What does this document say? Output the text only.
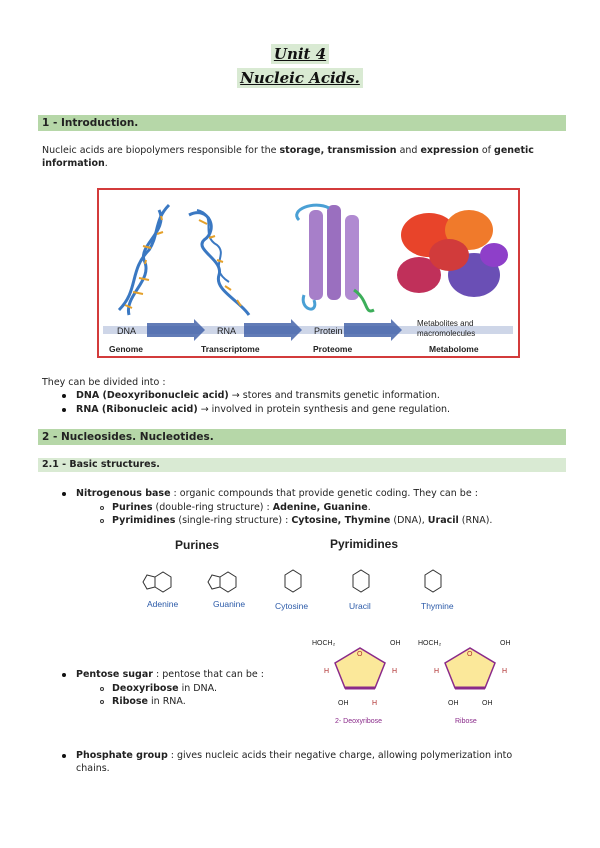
Unit 4
Nucleic Acids.
1 - Introduction.
Nucleic acids are biopolymers responsible for the storage, transmission and expression of genetic information.
DNA	RNA	Protein
Metabolites and
macromolecules
Genome	Transcriptome	Proteome	Metabolome
They can be divided into :
DNA (Deoxyribonucleic acid) → stores and transmits genetic information.
RNA (Ribonucleic acid) → involved in protein synthesis and gene regulation.
2 - Nucleosides. Nucleotides.
2.1 - Basic structures.
Nitrogenous base : organic compounds that provide genetic coding. They can be :
Purines (double-ring structure) : Adenine, Guanine.
Pyrimidines (single-ring structure) : Cytosine, Thymine (DNA), Uracil (RNA).
Purines	Pyrimidines
Adenine	Guanine	Cytosine	Uracil	Thymine
Pentose sugar : pentose that can be :
Deoxyribose in DNA.
Ribose in RNA.
HOCH₂	OH
O
H	H
OH	H
2- Deoxyribose
HOCH₂	OH
O
H	H
OH	OH
Ribose
Phosphate group : gives nucleic acids their negative charge, allowing polymerization into
chains.
